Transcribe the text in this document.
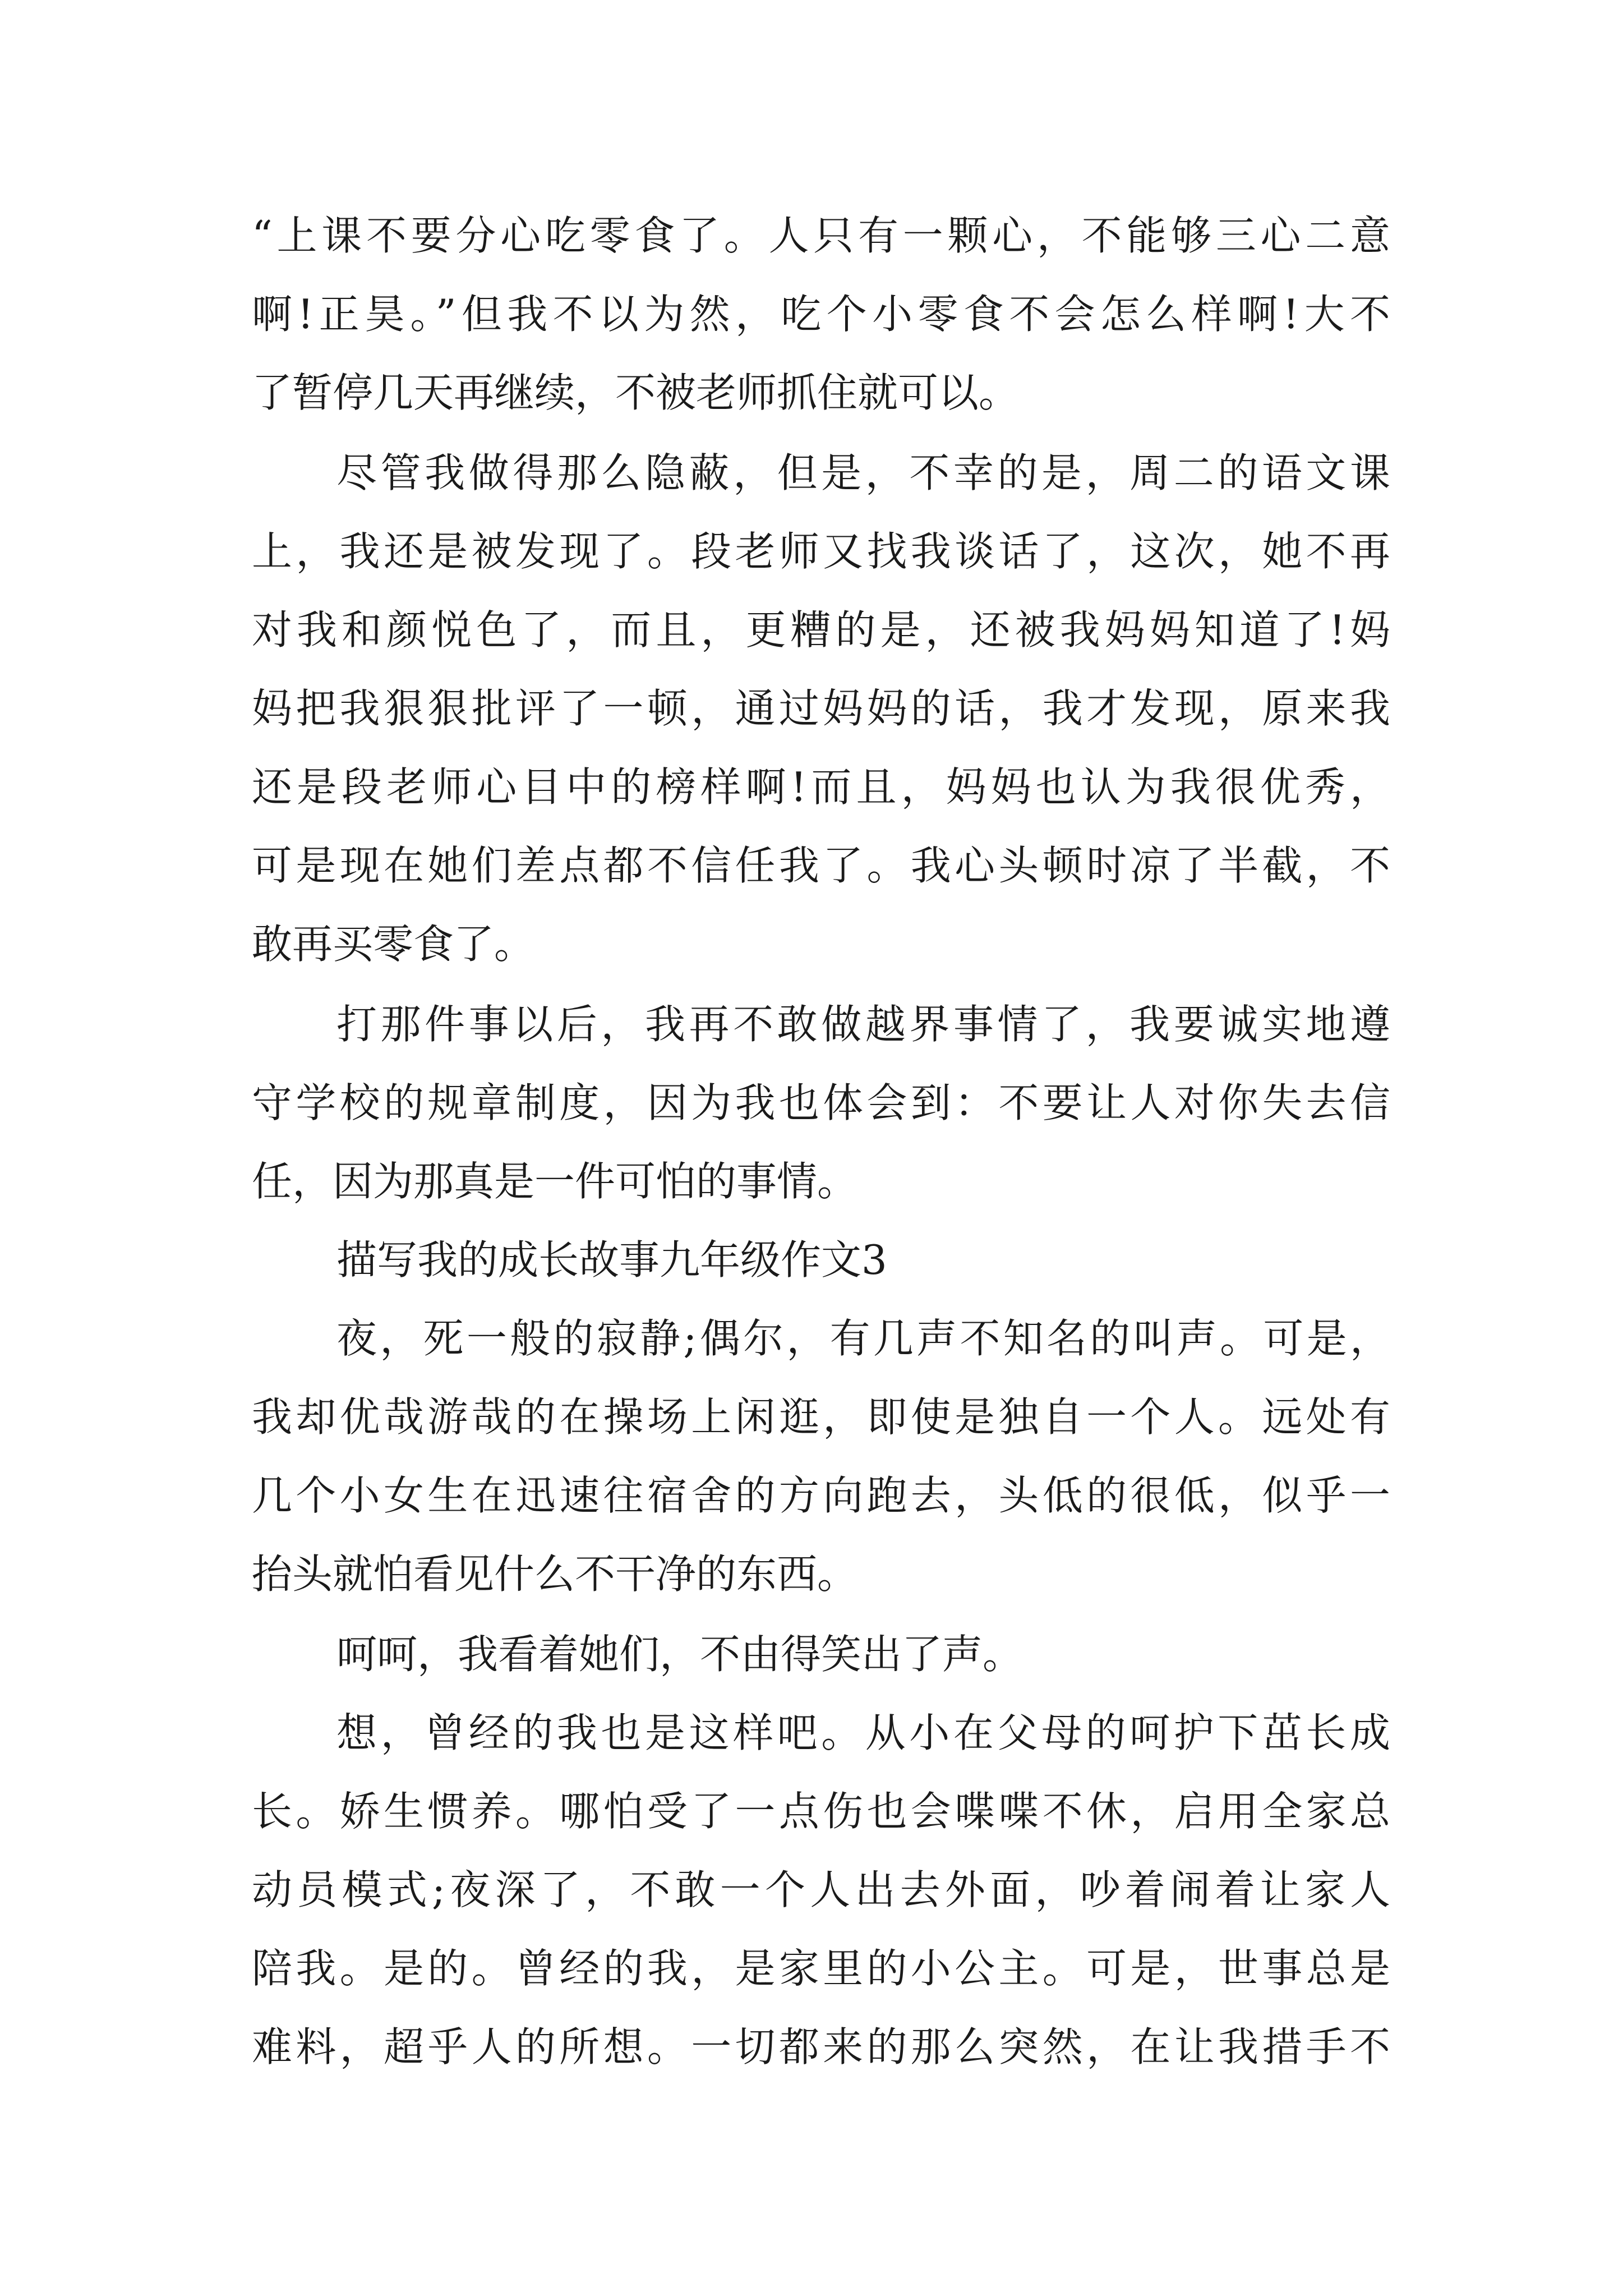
“上课不要分心吃零食了。人只有一颗心，不能够三心二意

啊!正昊。”但我不以为然，吃个小零食不会怎么样啊!大不

了暂停几天再继续，不被老师抓住就可以。

尽管我做得那么隐蔽，但是，不幸的是，周二的语文课

上，我还是被发现了。段老师又找我谈话了，这次，她不再

对我和颜悦色了，而且，更糟的是，还被我妈妈知道了!妈

妈把我狠狠批评了一顿，通过妈妈的话，我才发现，原来我

还是段老师心目中的榜样啊!而且，妈妈也认为我很优秀，

可是现在她们差点都不信任我了。我心头顿时凉了半截，不

敢再买零食了。

打那件事以后，我再不敢做越界事情了，我要诚实地遵

守学校的规章制度，因为我也体会到：不要让人对你失去信

任，因为那真是一件可怕的事情。

描写我的成长故事九年级作文3

夜，死一般的寂静;偶尔，有几声不知名的叫声。可是，

我却优哉游哉的在操场上闲逛，即使是独自一个人。远处有

几个小女生在迅速往宿舍的方向跑去，头低的很低，似乎一

抬头就怕看见什么不干净的东西。

呵呵，我看着她们，不由得笑出了声。

想，曾经的我也是这样吧。从小在父母的呵护下茁长成

长。娇生惯养。哪怕受了一点伤也会喋喋不休，启用全家总

动员模式;夜深了，不敢一个人出去外面，吵着闹着让家人

陪我。是的。曾经的我，是家里的小公主。可是，世事总是

难料，超乎人的所想。一切都来的那么突然，在让我措手不
